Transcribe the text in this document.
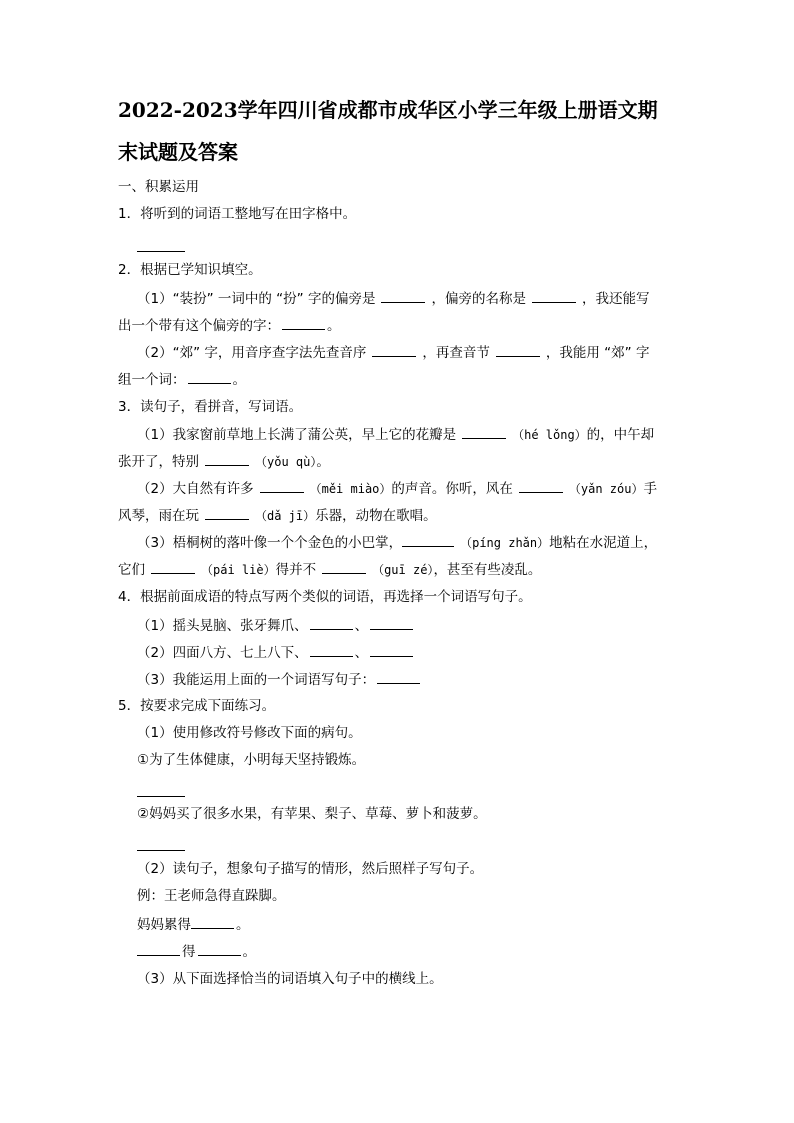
2022-2023学年四川省成都市成华区小学三年级上册语文期
末试题及答案
一、积累运用
1．将听到的词语工整地写在田字格中。
2．根据已学知识填空。
（1）“装扮” 一词中的 “扮” 字的偏旁是	，偏旁的名称是	，我还能写
出一个带有这个偏旁的字：	。
（2）“郊” 字，用音序查字法先查音序	，再查音节	，我能用 “郊” 字
组一个词：	。
3．读句子，看拼音，写词语。
（1）我家窗前草地上长满了蒲公英，早上它的花瓣是	（hé lǒng）的，中午却
张开了，特别	（yǒu qù）。
（2）大自然有许多	（měi miào）的声音。你听，风在	（yǎn zóu）手
风琴，雨在玩	（dǎ jī）乐器，动物在歌唱。
（3）梧桐树的落叶像一个个金色的小巴掌，	（píng zhǎn）地粘在水泥道上，
它们	（pái liè）得并不	（guī zé），甚至有些凌乱。
4．根据前面成语的特点写两个类似的词语，再选择一个词语写句子。
（1）摇头晃脑、张牙舞爪、	、
（2）四面八方、七上八下、	、
（3）我能运用上面的一个词语写句子：
5．按要求完成下面练习。
（1）使用修改符号修改下面的病句。
①为了生体健康，小明每天坚持锻炼。
②妈妈买了很多水果，有苹果、梨子、草莓、萝卜和菠萝。
（2）读句子，想象句子描写的情形，然后照样子写句子。
例：王老师急得直跺脚。
妈妈累得	。
得	。
（3）从下面选择恰当的词语填入句子中的横线上。
